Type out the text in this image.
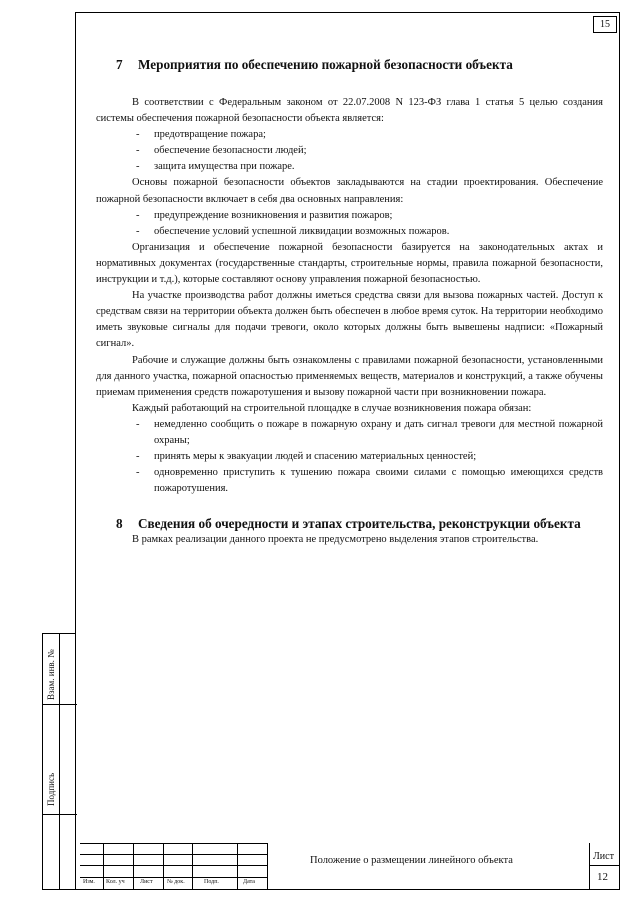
15
Взам. инв. №
Подпись
7 Мероприятия по обеспечению пожарной безопасности объекта

В соответствии с Федеральным законом от 22.07.2008 N 123-ФЗ глава 1 статья 5 целью создания системы обеспечения пожарной безопасности объекта является:

- предотвращение пожара;
- обеспечение безопасности людей;
- защита имущества при пожаре.

Основы пожарной безопасности объектов закладываются на стадии проектирования. Обеспечение пожарной безопасности включает в себя два основных направления:

- предупреждение возникновения и развития пожаров;
- обеспечение условий успешной ликвидации возможных пожаров.

Организация и обеспечение пожарной безопасности базируется на законодательных актах и нормативных документах (государственные стандарты, строительные нормы, правила пожарной безопасности, инструкции и т.д.), которые составляют основу управления пожарной безопасностью.

На участке производства работ должны иметься средства связи для вызова пожарных частей. Доступ к средствам связи на территории объекта должен быть обеспечен в любое время суток. На территории необходимо иметь звуковые сигналы для подачи тревоги, около которых должны быть вывешены надписи: «Пожарный сигнал».

Рабочие и служащие должны быть ознакомлены с правилами пожарной безопасности, установленными для данного участка, пожарной опасностью применяемых веществ, материалов и конструкций, а также обучены приемам применения средств пожаротушения и вызову пожарной части при возникновении пожара.

Каждый работающий на строительной площадке в случае возникновения пожара обязан:

- немедленно сообщить о пожаре в пожарную охрану и дать сигнал тревоги для местной пожарной охраны;
- принять меры к эвакуации людей и спасению материальных ценностей;
- одновременно приступить к тушению пожара своими силами с помощью имеющихся средств пожаротушения.
8	Сведения об очередности и этапах строительства, реконструкции объекта

В рамках реализации данного проекта не предусмотрено выделения этапов строительства.

Изм. Кол. уч	Лист № док.	Подп.	Дата
Положение о размещении линейного объекта	Лист
12
